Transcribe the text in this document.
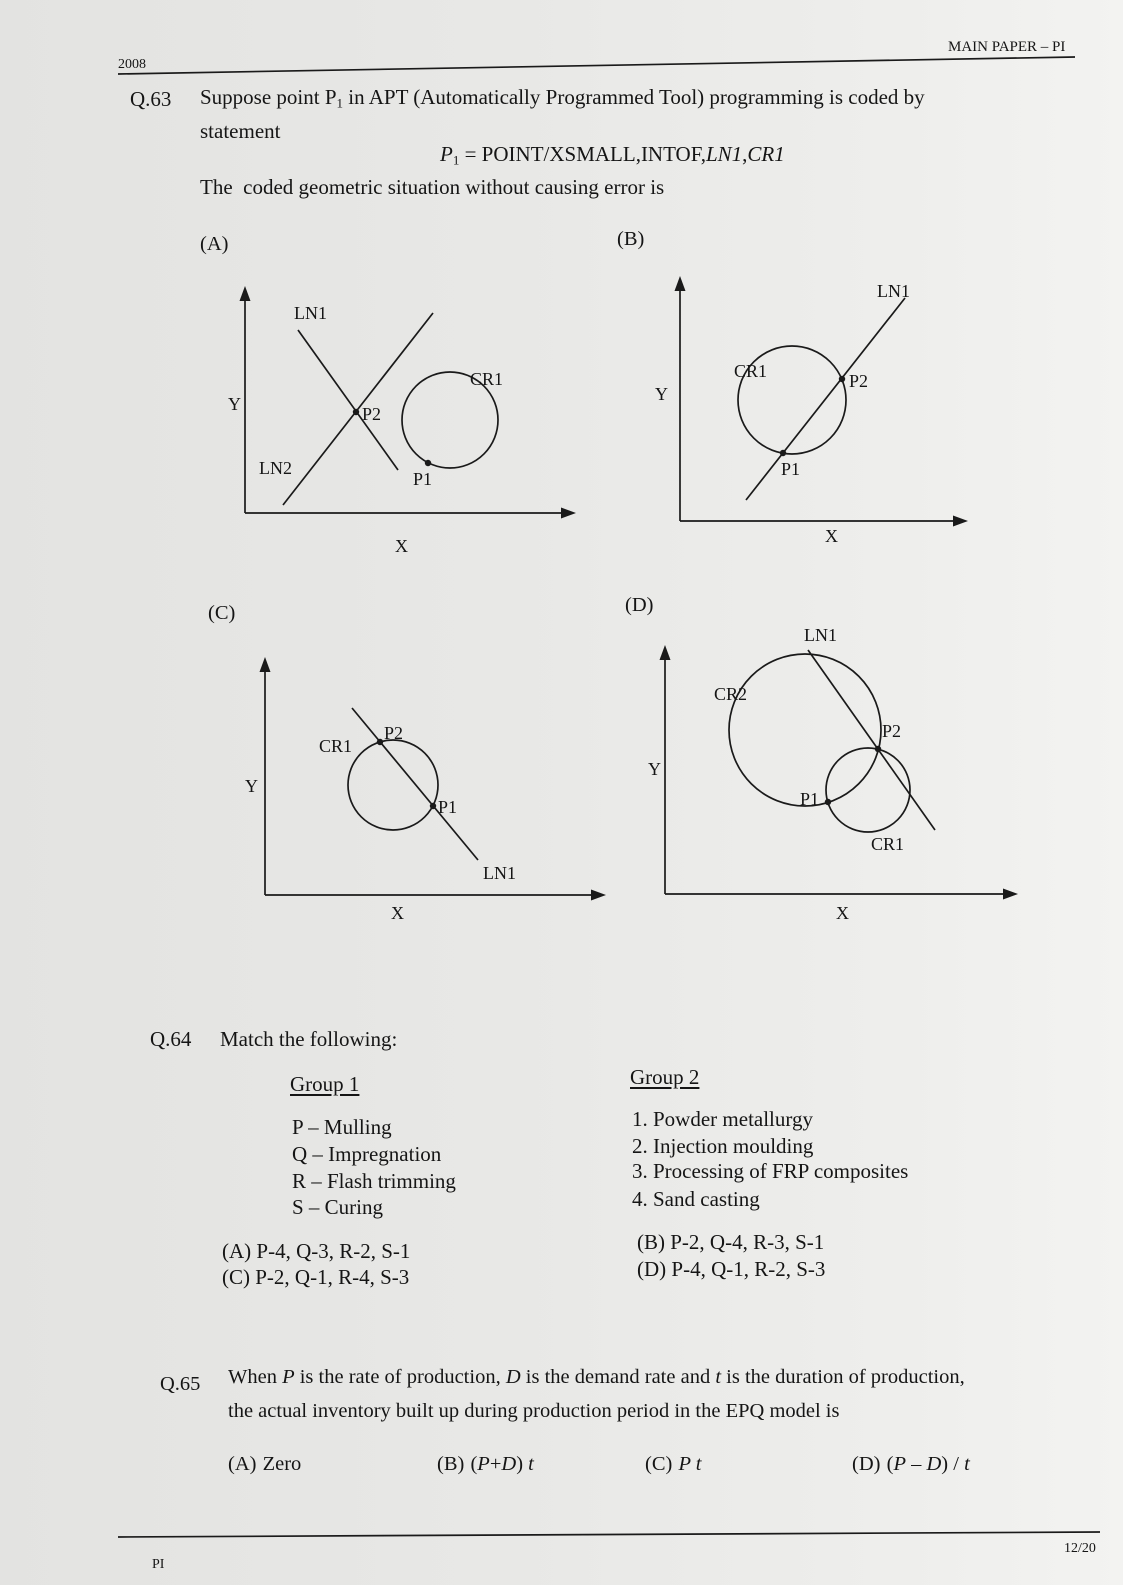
MAIN PAPER – PI
2008
Q.63 Suppose point $P_1$ in APT (Automatically Programmed Tool) programming is coded by
statement
$P_1$ = POINT/XSMALL,INTOF,LN1,CR1
The  coded geometric situation without causing error is
(A)	(B)
(C)	(D)
LN1
Y
LN2
P2
CR1
P1
X
LN1
Y
P2
CR1
P1
X
CR1
P2
Y
P1
LN1
X
LN1
CR2
P2
Y
P1
CR1
X
Q.64 Match the following:
Group 1
P – Mulling
Q – Impregnation
R – Flash trimming
S – Curing
Group 2
1. Powder metallurgy
2. Injection moulding
3. Processing of FRP composites
4. Sand casting
(A) P-4, Q-3, R-2, S-1	(B) P-2, Q-4, R-3, S-1
(C) P-2, Q-1, R-4, S-3	(D) P-4, Q-1, R-2, S-3
Q.65 When P is the rate of production, D is the demand rate and t is the duration of production,
the actual inventory built up during production period in the EPQ model is
(A) Zero	(B) (P+D) t	(C) P t	(D) (P – D) / t
PI
12/20
